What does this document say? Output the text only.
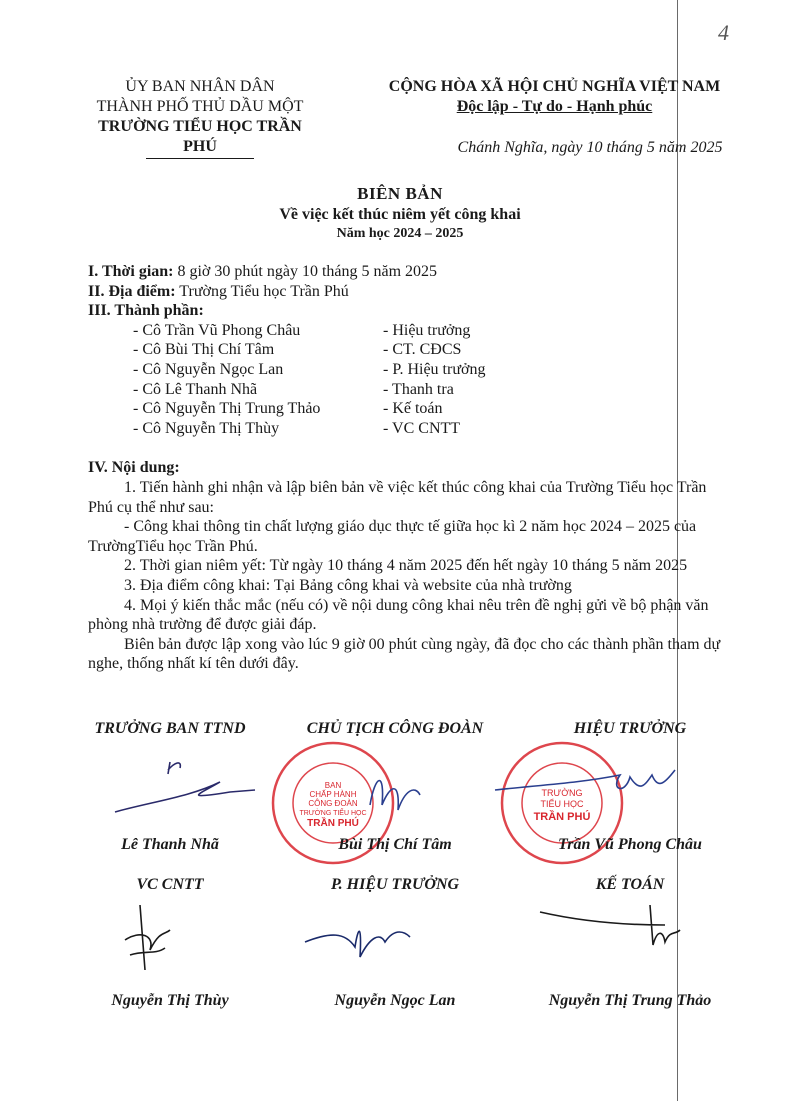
4
ỦY BAN NHÂN DÂN
THÀNH PHỐ THỦ DẦU MỘT
TRƯỜNG TIỂU HỌC TRẦN PHÚ
CỘNG HÒA XÃ HỘI CHỦ NGHĨA VIỆT NAM
Độc lập - Tự do - Hạnh phúc
Chánh Nghĩa, ngày 10 tháng 5 năm 2025
BIÊN BẢN
Về việc kết thúc niêm yết công khai
Năm học 2024 – 2025

I. Thời gian: 8 giờ 30 phút ngày 10 tháng 5 năm 2025

II. Địa điểm: Trường Tiểu học Trần Phú

III. Thành phần:

- Cô Trần Vũ Phong Châu	- Hiệu trưởng
- Cô Bùi Thị Chí Tâm	- CT. CĐCS
- Cô Nguyễn Ngọc Lan	- P. Hiệu trưởng
- Cô Lê Thanh Nhã	- Thanh tra
- Cô Nguyễn Thị Trung Thảo	- Kế toán
- Cô Nguyễn Thị Thùy	- VC CNTT

IV. Nội dung:

1. Tiến hành ghi nhận và lập biên bản về việc kết thúc công khai của Trường Tiểu học Trần Phú cụ thể như sau:

- Công khai thông tin chất lượng giáo dục thực tế giữa học kì 2 năm học 2024 – 2025 của TrườngTiểu học Trần Phú.

2. Thời gian niêm yết: Từ ngày 10 tháng 4 năm 2025 đến hết ngày 10 tháng 5 năm 2025

3. Địa điểm công khai: Tại Bảng công khai và website của nhà trường

4. Mọi ý kiến thắc mắc (nếu có) về nội dung công khai nêu trên đề nghị gửi về bộ phận văn phòng nhà trường để được giải đáp.

Biên bản được lập xong vào lúc 9 giờ 00 phút cùng ngày, đã đọc cho các thành phần tham dự nghe, thống nhất kí tên dưới đây.

TRƯỞNG BAN TTND	CHỦ TỊCH CÔNG ĐOÀN	HIỆU TRƯỞNG
BAN
CHẤP HÀNH
CÔNG ĐOÀN
TRƯỜNG TIỂU HỌC
TRẦN PHÚ
TRƯỜNG
TIỂU HỌC
TRẦN PHÚ
Lê Thanh Nhã	Bùi Thị Chí Tâm	Trần Vũ Phong Châu
VC CNTT	P. HIỆU TRƯỞNG	KẾ TOÁN
Nguyễn Thị Thùy	Nguyễn Ngọc Lan	Nguyễn Thị Trung Thảo
